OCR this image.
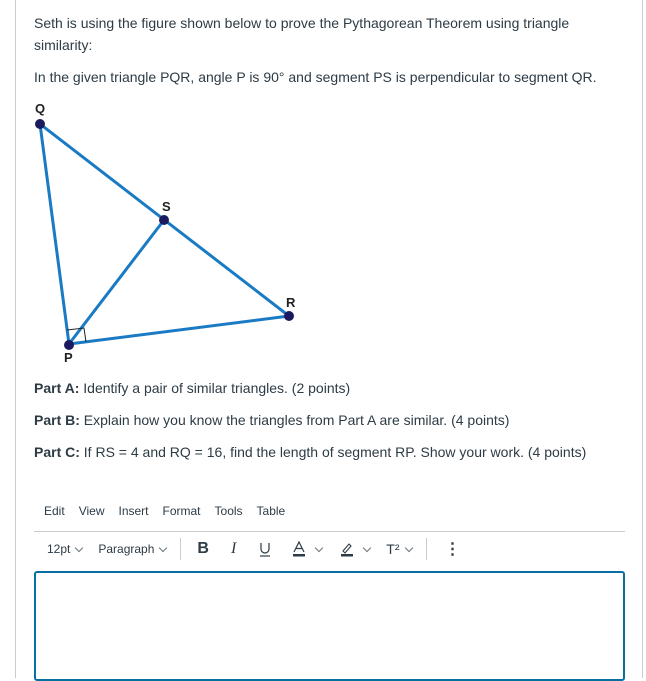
Seth is using the figure shown below to prove the Pythagorean Theorem using triangle similarity:
In the given triangle PQR, angle P is 90° and segment PS is perpendicular to segment QR.
Q
S
R
P
Part A: Identify a pair of similar triangles. (2 points)
Part B: Explain how you know the triangles from Part A are similar. (4 points)
Part C: If RS = 4 and RQ = 16, find the length of segment RP. Show your work. (4 points)
Edit View Insert Format Tools Table
12pt Paragraph	B I	T²	⋮
